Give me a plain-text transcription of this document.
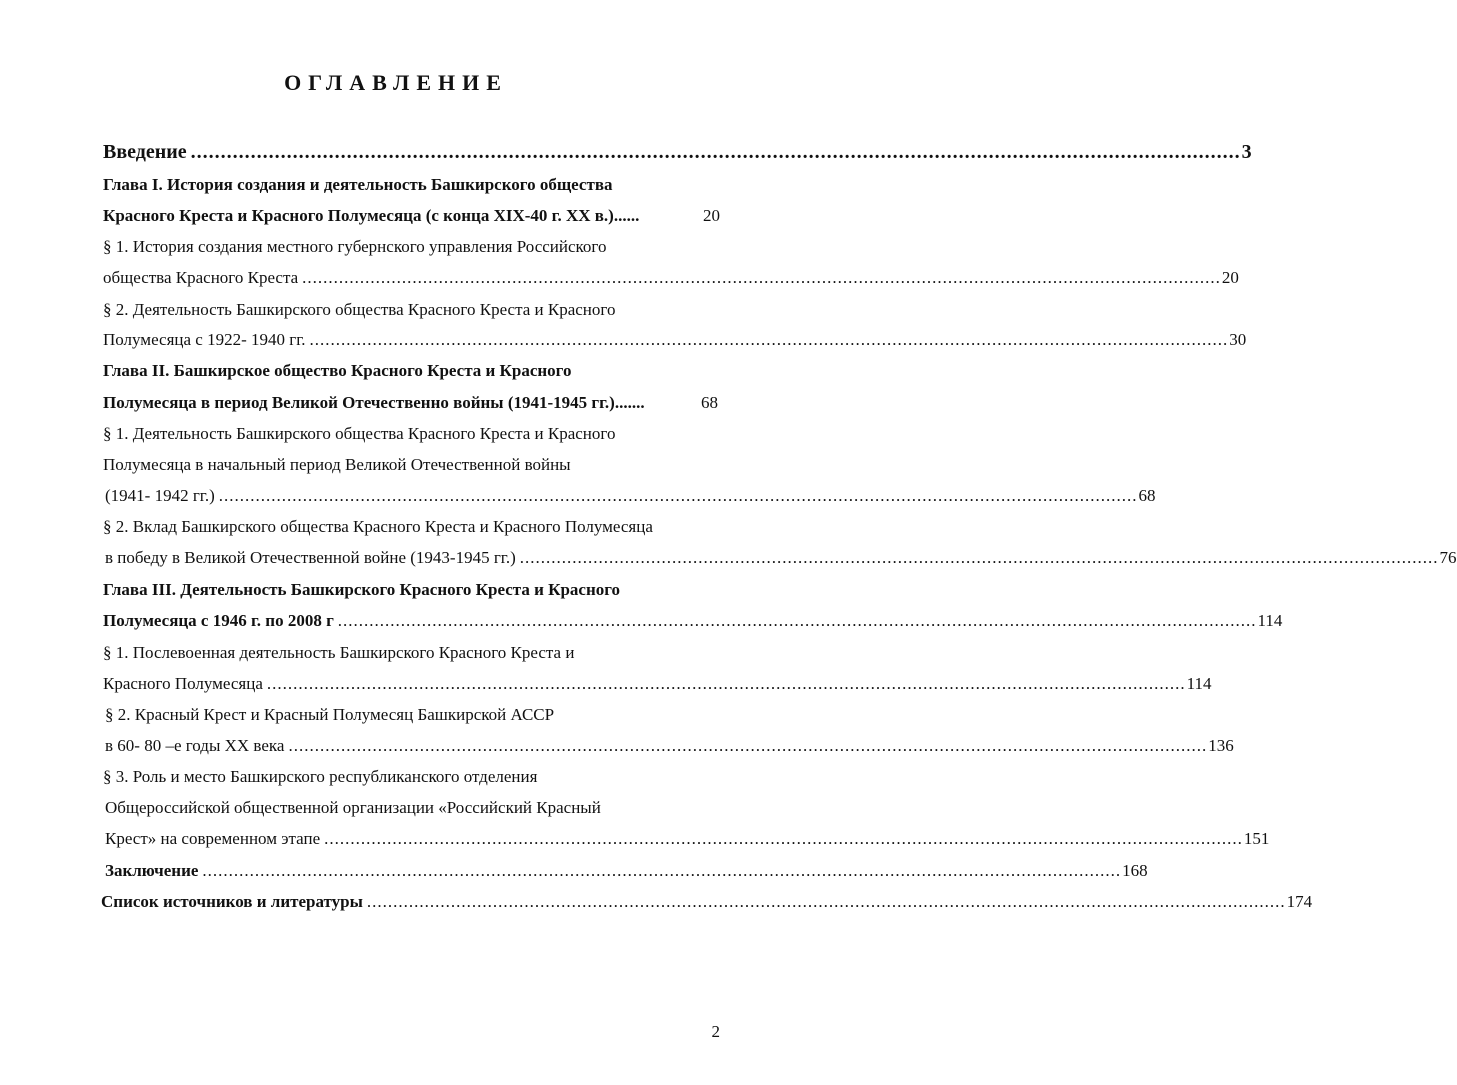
ОГЛАВЛЕНИЕ
Введение ............................................................................................................................................................................... 3
Глава I. История создания и деятельность Башкирского общества
Красного Креста и Красного Полумесяца (с конца XIX-40 г. XX в.)......	20
§ 1. История создания местного губернского управления Российского
общества Красного Креста ............................................................................................................................................................................... 20
§ 2. Деятельность Башкирского общества Красного Креста и Красного
Полумесяца с 1922- 1940 гг. ............................................................................................................................................................................... 30
Глава II. Башкирское общество Красного Креста и Красного
Полумесяца в период Великой Отечественно войны (1941-1945 гг.).......	68
§ 1. Деятельность Башкирского общества Красного Креста и Красного
Полумесяца в начальный период Великой Отечественной войны
(1941- 1942 гг.) ............................................................................................................................................................................... 68
§ 2. Вклад Башкирского общества Красного Креста и Красного Полумесяца
в победу в Великой Отечественной войне (1943-1945 гг.) ............................................................................................................................................................................... 76
Глава III. Деятельность Башкирского Красного Креста и Красного
Полумесяца с 1946 г. по 2008 г ............................................................................................................................................................................... 114
§ 1. Послевоенная деятельность Башкирского Красного Креста и
Красного Полумесяца ............................................................................................................................................................................... 114
§ 2. Красный Крест и Красный Полумесяц Башкирской АССР
в 60- 80 –е годы XX века ............................................................................................................................................................................... 136
§ 3. Роль и место Башкирского республиканского отделения
Общероссийской общественной организации «Российский Красный
Крест» на современном этапе ............................................................................................................................................................................... 151
Заключение ............................................................................................................................................................................... 168
Список источников и литературы ............................................................................................................................................................................... 174
2
